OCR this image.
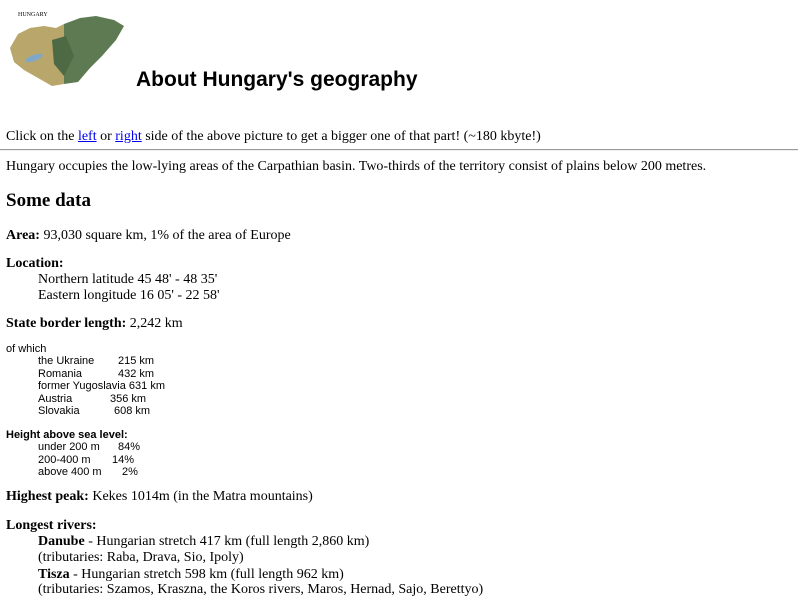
HUNGARY
About Hungary's geography
Click on the left or right side of the above picture to get a bigger one of that part! (~180 kbyte!)
Hungary occupies the low-lying areas of the Carpathian basin. Two-thirds of the territory consist of plains below 200 metres.
Some data
Area: 93,030 square km, 1% of the area of Europe
Location:
Northern latitude 45 48' - 48 35'
Eastern longitude 16 05' - 22 58'
State border length: 2,242 km
of which
the Ukraine 215 km
Romania	432 km
former Yugoslavia 631 km
Austria	356 km
Slovakia	608 km
Height above sea level:
under 200 m 84%
200-400 m 14%
above 400 m 2%
Highest peak: Kekes 1014m (in the Matra mountains)
Longest rivers:
Danube - Hungarian stretch 417 km (full length 2,860 km)
(tributaries: Raba, Drava, Sio, Ipoly)
Tisza - Hungarian stretch 598 km (full length 962 km)
(tributaries: Szamos, Kraszna, the Koros rivers, Maros, Hernad, Sajo, Berettyo)
